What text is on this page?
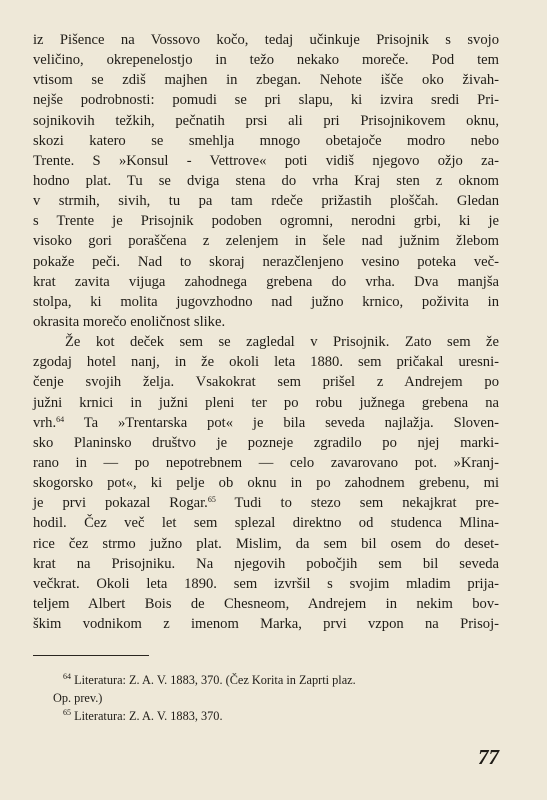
iz Pišence na Vossovo kočo, tedaj učinkuje Prisojnik s svojo
veličino, okrepenelostjo in težo nekako moreče. Pod tem
vtisom se zdiš majhen in zbegan. Nehote išče oko živah-
nejše podrobnosti: pomudi se pri slapu, ki izvira sredi Pri-
sojnikovih težkih, pečnatih prsi ali pri Prisojnikovem oknu,
skozi katero se smehlja mnogo obetajoče modro nebo
Trente. S »Konsul - Vettrove« poti vidiš njegovo ožjo za-
hodno plat. Tu se dviga stena do vrha Kraj sten z oknom
v strmih, sivih, tu pa tam rdeče prižastih ploščah. Gledan
s Trente je Prisojnik podoben ogromni, nerodni grbi, ki je
visoko gori poraščena z zelenjem in šele nad južnim žlebom
pokaže peči. Nad to skoraj nerazčlenjeno vesino poteka več-
krat zavita vijuga zahodnega grebena do vrha. Dva manjša
stolpa, ki molita jugovzhodno nad južno krnico, poživita in
okrasita morečo enoličnost slike.
Že kot deček sem se zagledal v Prisojnik. Zato sem že
zgodaj hotel nanj, in že okoli leta 1880. sem pričakal uresni-
čenje svojih želja. Vsakokrat sem prišel z Andrejem po
južni krnici in južni pleni ter po robu južnega grebena na
vrh.$^{64}$ Ta »Trentarska pot« je bila seveda najlažja. Sloven-
sko Planinsko društvo je pozneje zgradilo po njej marki-
rano in — po nepotrebnem — celo zavarovano pot. »Kranj-
skogorsko pot«, ki pelje ob oknu in po zahodnem grebenu, mi
je prvi pokazal Rogar.$^{65}$ Tudi to stezo sem nekajkrat pre-
hodil. Čez več let sem splezal direktno od studenca Mlina-
rice čez strmo južno plat. Mislim, da sem bil osem do deset-
krat na Prisojniku. Na njegovih pobočjih sem bil seveda
večkrat. Okoli leta 1890. sem izvršil s svojim mladim prija-
teljem Albert Bois de Chesneom, Andrejem in nekim bov-
škim vodnikom z imenom Marka, prvi vzpon na Prisoj-
$^{64}$ Literatura: Z. A. V. 1883, 370. (Čez Korita in Zaprti plaz.
Op. prev.)
$^{65}$ Literatura: Z. A. V. 1883, 370.
77
